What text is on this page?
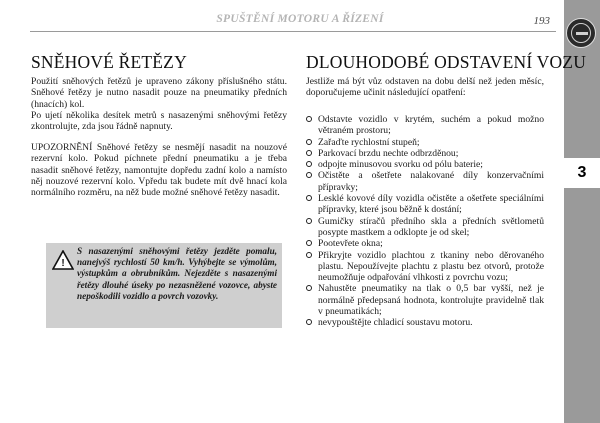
SPUŠTĚNÍ MOTORU A ŘÍZENÍ	193
3
SNĚHOVÉ ŘETĚZY

Použití sněhových řetězů je upraveno zákony příslušného státu. Sněhové řetězy je nutno nasadit pouze na pneumatiky předních (hnacích) kol.

Po ujetí několika desítek metrů s nasazenými sněhovými řetězy zkontrolujte, zda jsou řádně napnuty.

UPOZORNĚNÍ Sněhové řetězy se nesmějí nasadit na nouzové rezervní kolo. Pokud píchnete přední pneumatiku a je třeba nasadit sněhové řetězy, namontujte dopředu zadní kolo a namísto něj nouzové rezervní kolo. Vpředu tak budete mít dvě hnací kola normálního rozměru, na něž bude možné sněhové řetězy nasadit.

!

S nasazenými sněhovými řetězy jezděte pomalu, nanejvýš rychlostí 50 km/h. Vyhýbejte se výmolům, výstupkům a obrubníkům. Nejezděte s nasazenými řetězy dlouhé úseky po nezasněžené vozovce, abyste nepoškodili vozidlo a povrch vozovky.

DLOUHODOBÉ ODSTAVENÍ VOZU

Jestliže má být vůz odstaven na dobu delší než jeden měsíc, doporučujeme učinit následující opatření:

Odstavte vozidlo v krytém, suchém a pokud možno větraném prostoru;
Zařaďte rychlostní stupeň;
Parkovací brzdu nechte odbrzděnou;
odpojte minusovou svorku od pólu baterie;
Očistěte a ošetřete nalakované díly konzervačními přípravky;
Lesklé kovové díly vozidla očistěte a ošetřete speciálními přípravky, které jsou běžně k dostání;
Gumičky stíračů předního skla a předních světlometů posypte mastkem a odklopte je od skel;
Pootevřete okna;
Přikryjte vozidlo plachtou z tkaniny nebo děrovaného plastu. Nepoužívejte plachtu z plastu bez otvorů, protože neumožňuje odpařování vlhkosti z povrchu vozu;
Nahustěte pneumatiky na tlak o 0,5 bar vyšší, než je normálně předepsaná hodnota, kontrolujte pravidelně tlak v pneumatikách;
nevypouštějte chladicí soustavu motoru.
